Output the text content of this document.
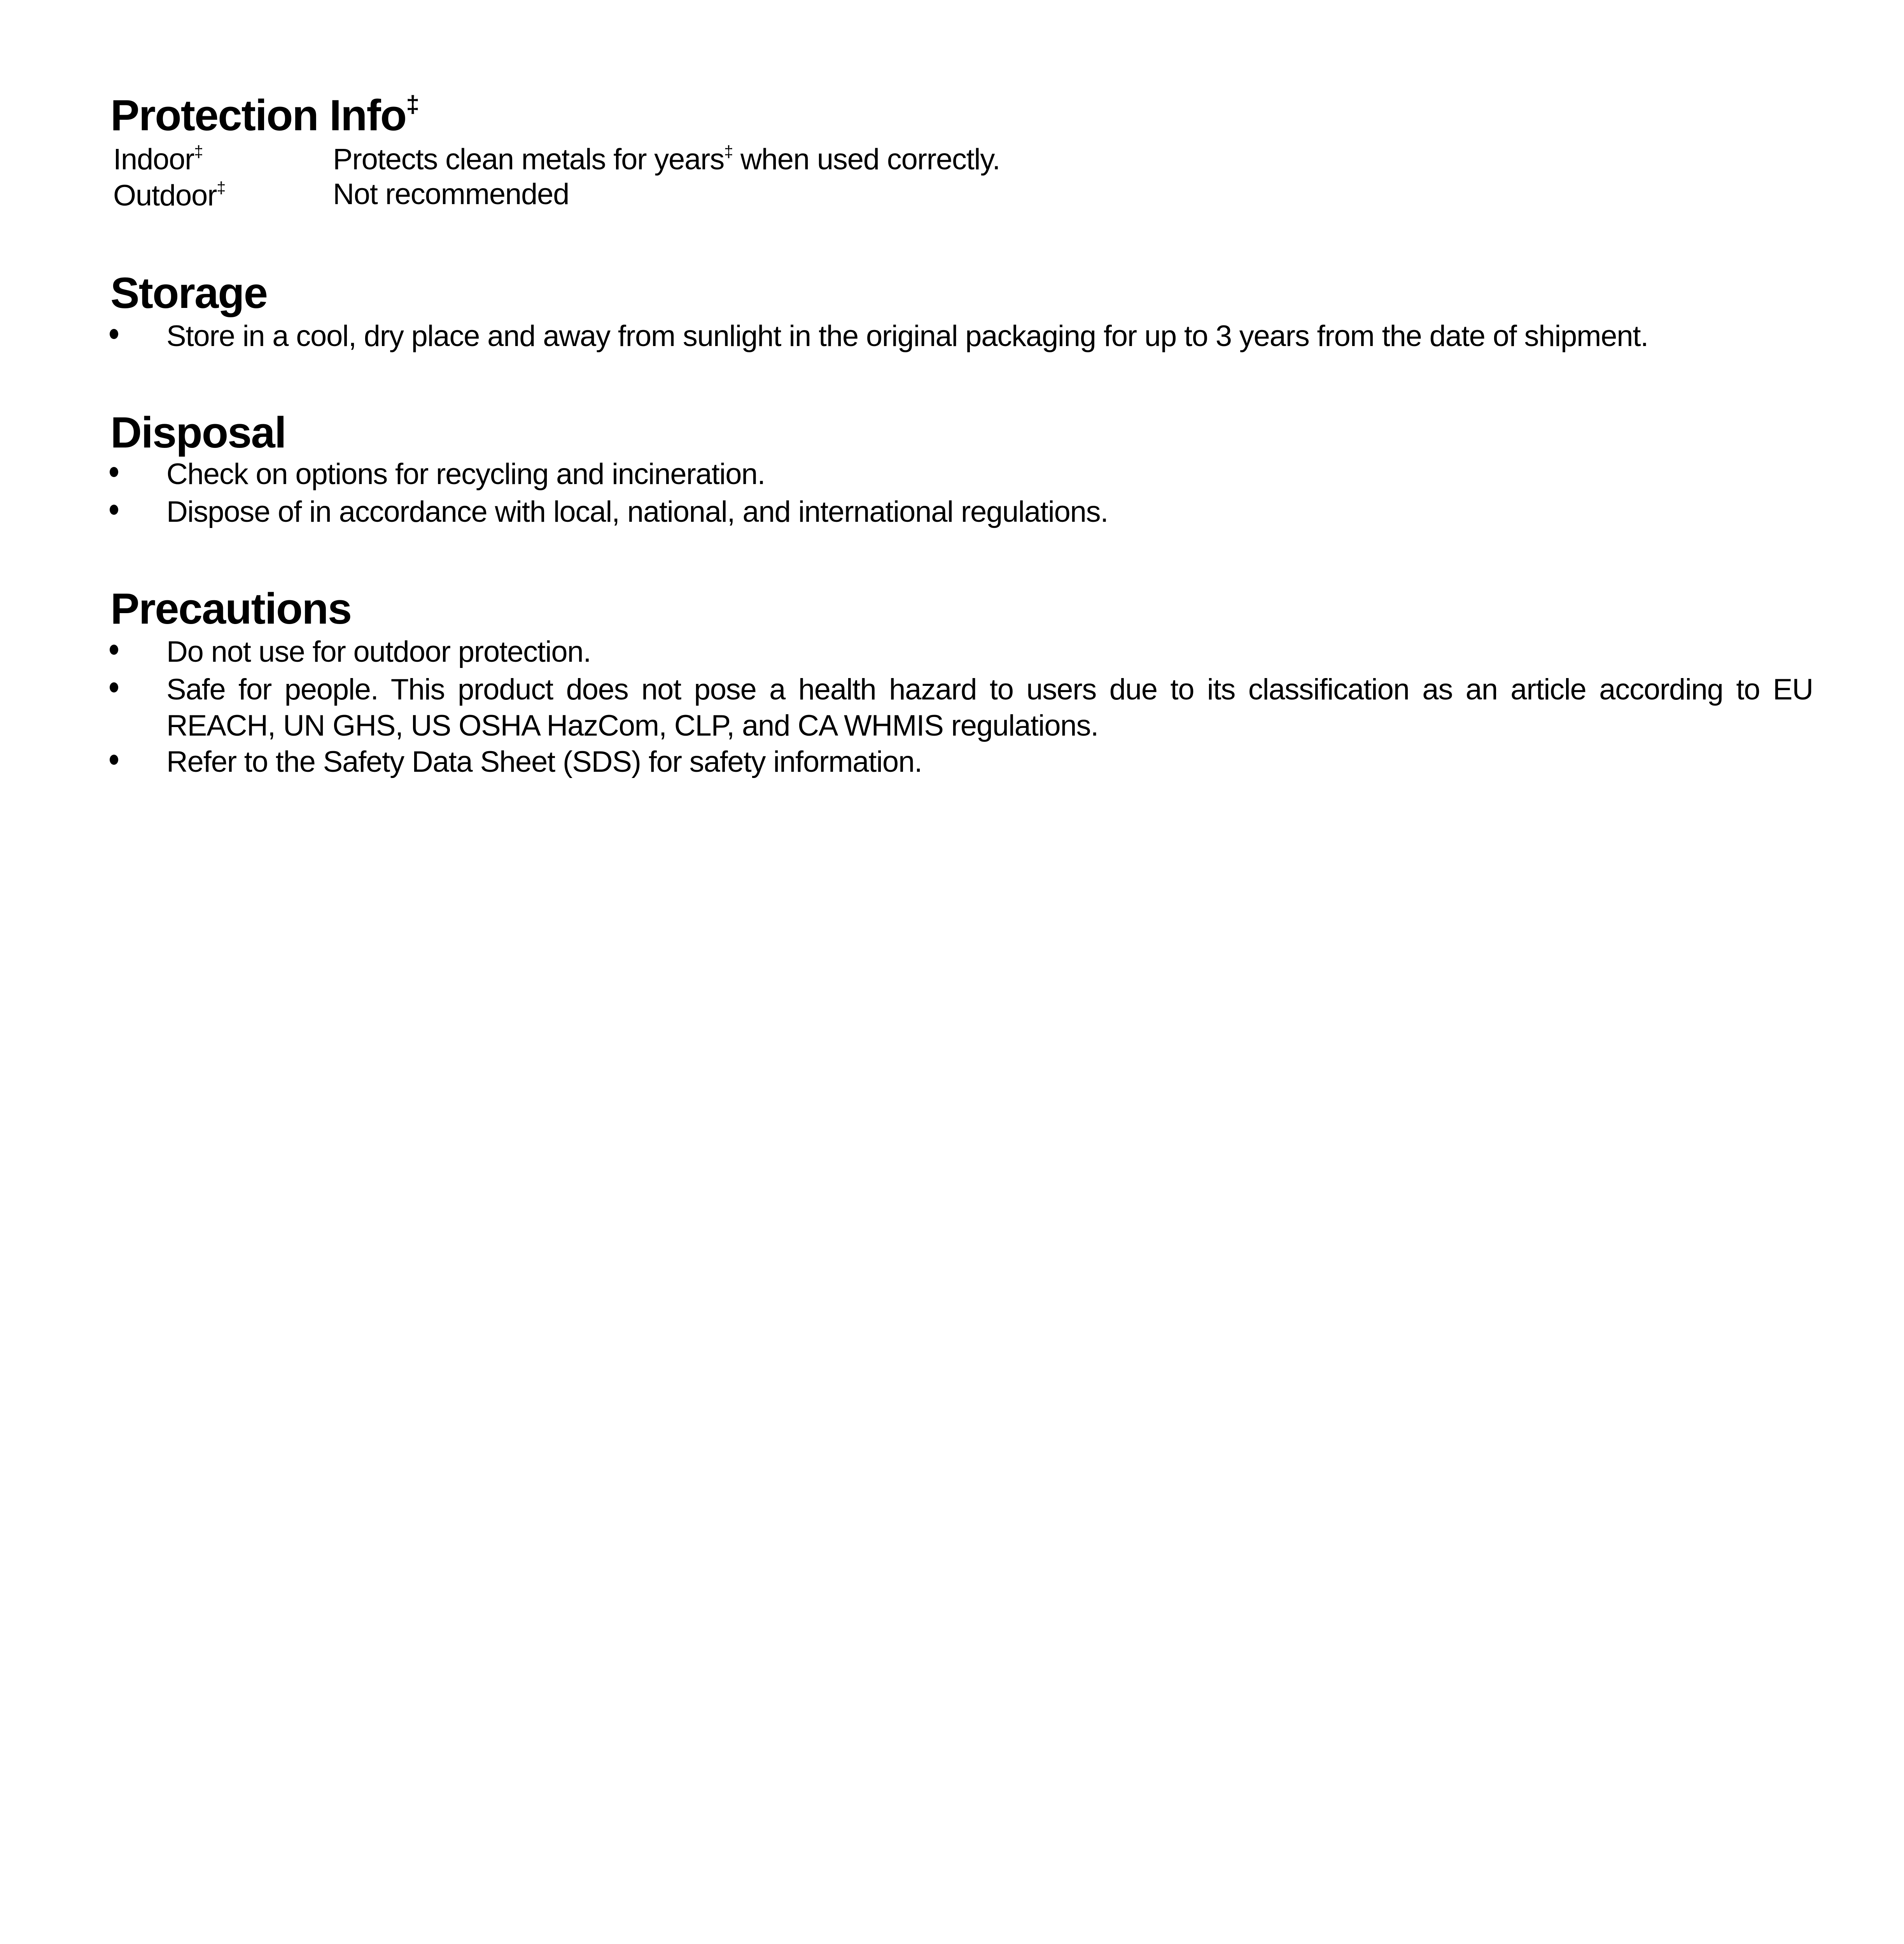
Protection Info‡
Indoor‡	Protects clean metals for years‡ when used correctly.
Outdoor‡	Not recommended
Storage
Store in a cool, dry place and away from sunlight in the original packaging for up to 3 years from the date of shipment.
Disposal
Check on options for recycling and incineration.
Dispose of in accordance with local, national, and international regulations.
Precautions
Do not use for outdoor protection.
Safe for people. This product does not pose a health hazard to users due to its classification as an article according to EU
REACH, UN GHS, US OSHA HazCom, CLP, and CA WHMIS regulations.
Refer to the Safety Data Sheet (SDS) for safety information.
